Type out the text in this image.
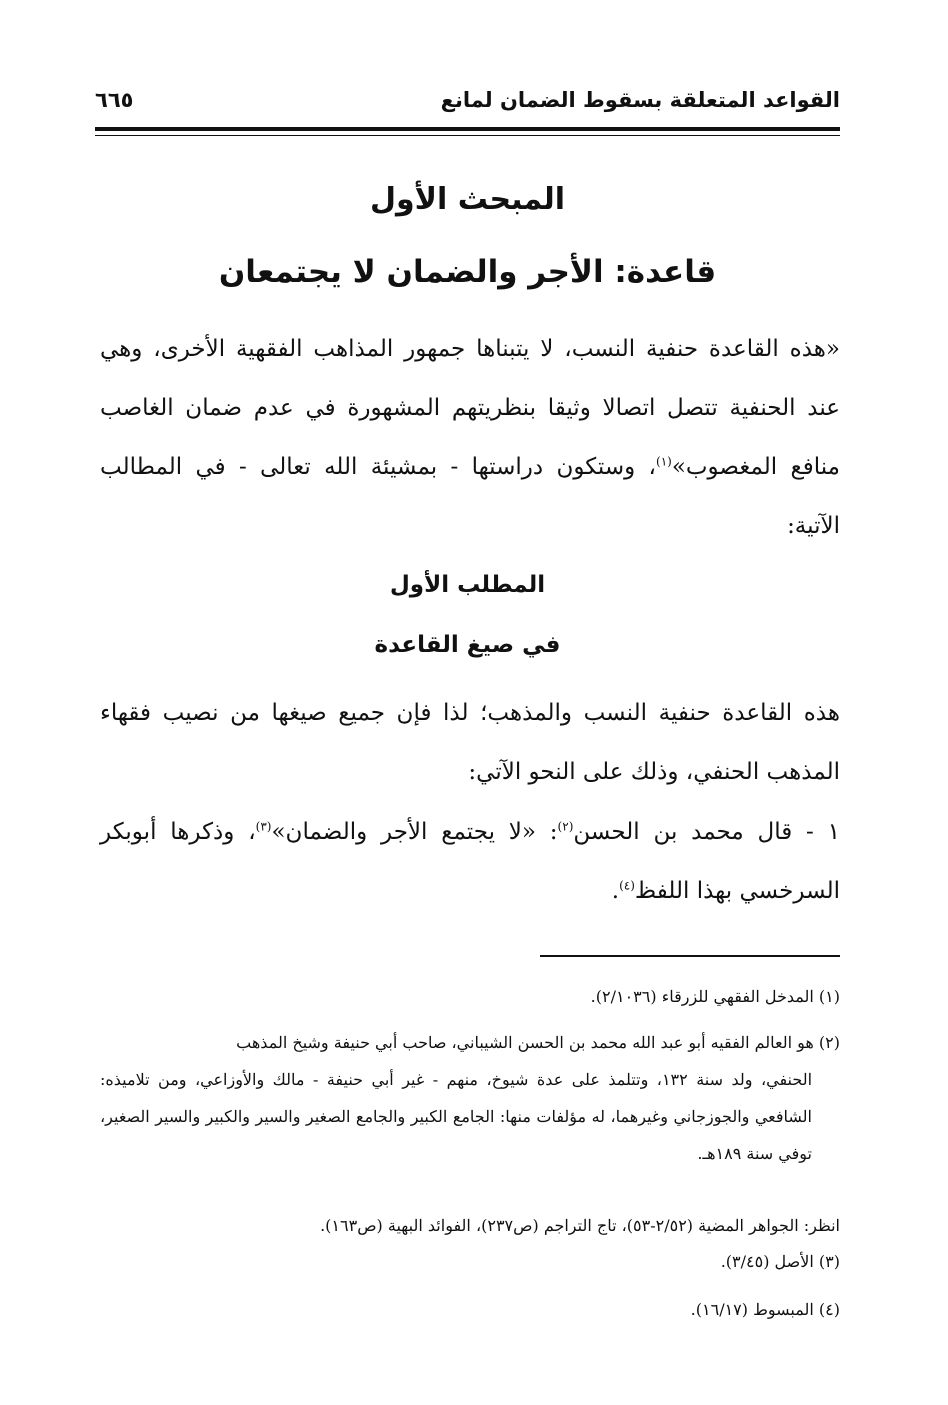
القواعد المتعلقة بسقوط الضمان لمانع
٦٦٥
المبحث الأول
قاعدة: الأجر والضمان لا يجتمعان

«هذه القاعدة حنفية النسب، لا يتبناها جمهور المذاهب الفقهية الأخرى، وهي عند الحنفية تتصل اتصالا وثيقا بنظريتهم المشهورة في عدم ضمان الغاصب منافع المغصوب»$^{(١)}$، وستكون دراستها - بمشيئة الله تعالى - في المطالب الآتية:

المطلب الأول
في صيغ القاعدة

هذه القاعدة حنفية النسب والمذهب؛ لذا فإن جميع صيغها من نصيب فقهاء المذهب الحنفي، وذلك على النحو الآتي:

١ - قال محمد بن الحسن$^{(٢)}$: «لا يجتمع الأجر والضمان»$^{(٣)}$، وذكرها أبوبكر السرخسي بهذا اللفظ$^{(٤)}$.

(١) المدخل الفقهي للزرقاء (٢/١٠٣٦).
(٢) هو العالم الفقيه أبو عبد الله محمد بن الحسن الشيباني، صاحب أبي حنيفة وشيخ المذهب
الحنفي، ولد سنة ١٣٢، وتتلمذ على عدة شيوخ، منهم - غير أبي حنيفة - مالك والأوزاعي، ومن تلاميذه: الشافعي والجوزجاني وغيرهما، له مؤلفات منها: الجامع الكبير والجامع الصغير والسير والكبير والسير الصغير، توفي سنة ١٨٩هـ.
انظر: الجواهر المضية (٢/٥٢-٥٣)، تاج التراجم (ص٢٣٧)، الفوائد البهية (ص١٦٣).
(٣) الأصل (٣/٤٥).
(٤) المبسوط (١٦/١٧).
